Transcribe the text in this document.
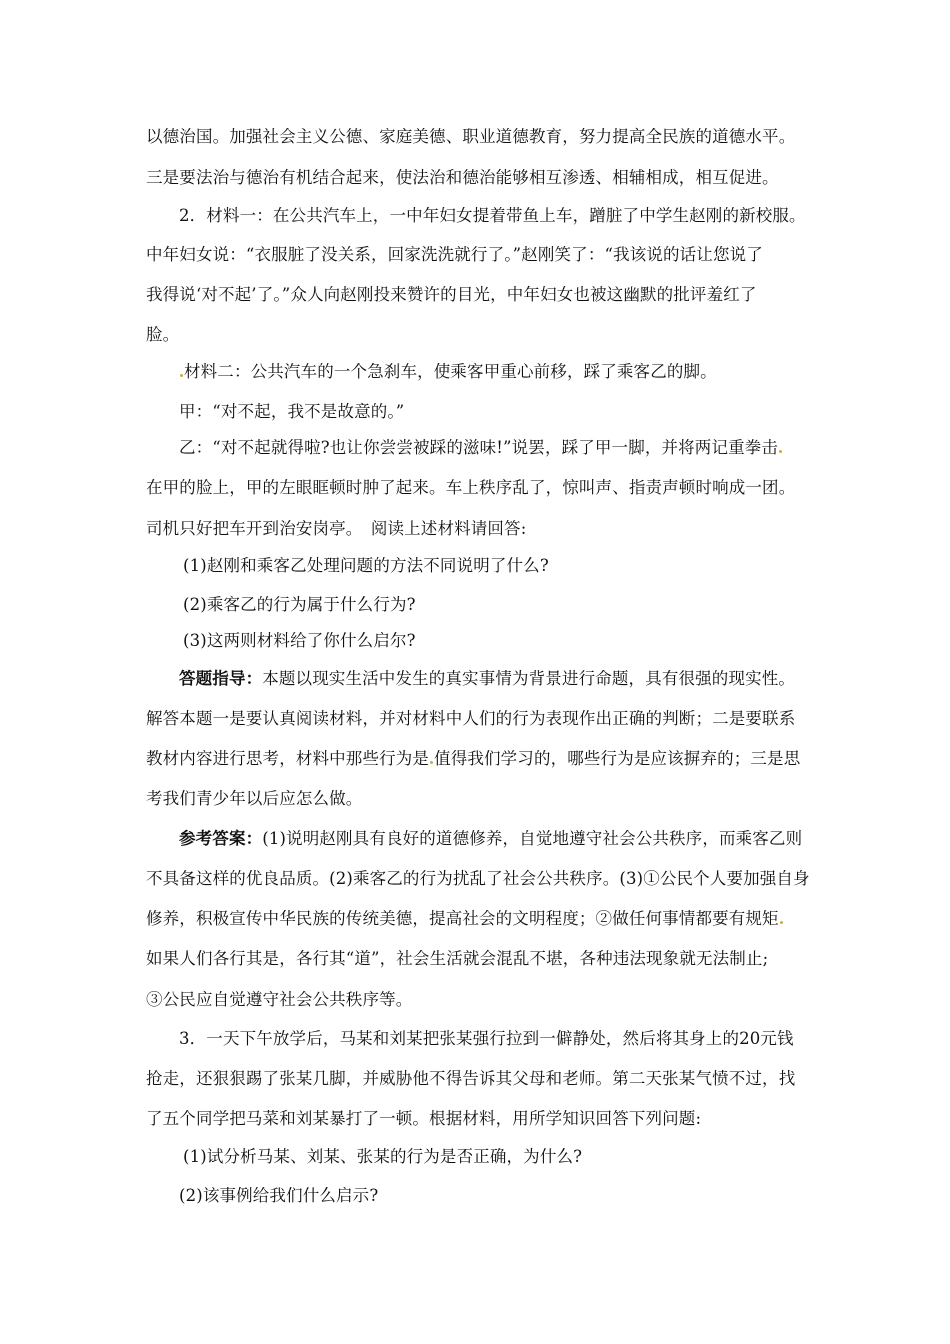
以德治国。加强社会主义公德、家庭美德、职业道德教育，努力提高全民族的道德水平。
三是要法治与德治有机结合起来，使法治和德治能够相互渗透、相辅相成，相互促进。
2．材料一：在公共汽车上，一中年妇女提着带鱼上车，蹭脏了中学生赵刚的新校服。
中年妇女说：“衣服脏了没关系，回家洗洗就行了。”赵刚笑了：“我该说的话让您说了
我得说‘对不起’了。”众人向赵刚投来赞许的目光，中年妇女也被这幽默的批评羞红了
脸。
材料二：公共汽车的一个急刹车，使乘客甲重心前移，踩了乘客乙的脚。
甲：“对不起，我不是故意的。”
乙：“对不起就得啦?也让你尝尝被踩的滋味!”说罢，踩了甲一脚，并将两记重拳击
在甲的脸上，甲的左眼眶顿时肿了起来。车上秩序乱了，惊叫声、指责声顿时响成一团。
司机只好把车开到治安岗亭。　阅读上述材料请回答:
(1)赵刚和乘客乙处理问题的方法不同说明了什么?
(2)乘客乙的行为属于什么行为?
(3)这两则材料给了你什么启尔?
答题指导：本题以现实生活中发生的真实事情为背景进行命题，具有很强的现实性。
解答本题一是要认真阅读材料，并对材料中人们的行为表现作出正确的判断；二是要联系
教材内容进行思考，材料中那些行为是 值得我们学习的，哪些行为是应该摒弃的；三是思
考我们青少年以后应怎么做。
参考答案：(1)说明赵刚具有良好的道德修养，自觉地遵守社会公共秩序，而乘客乙则
不具备这样的优良品质。(2)乘客乙的行为扰乱了社会公共秩序。(3)①公民个人要加强自身
修养，积极宣传中华民族的传统美德，提高社会的文明程度；②做任何事情都要有规矩
如果人们各行其是，各行其“道”，社会生活就会混乱不堪，各种违法现象就无法制止;
③公民应自觉遵守社会公共秩序等。
3．一天下午放学后，马某和刘某把张某强行拉到一僻静处，然后将其身上的20元钱
抢走，还狠狠踢了张某几脚，并威胁他不得告诉其父母和老师。第二天张某气愤不过，找
了五个同学把马菜和刘某暴打了一顿。根据材料，用所学知识回答下列问题:
(1)试分析马某、刘某、张某的行为是否正确，为什么?
(2)该事例给我们什么启示?
